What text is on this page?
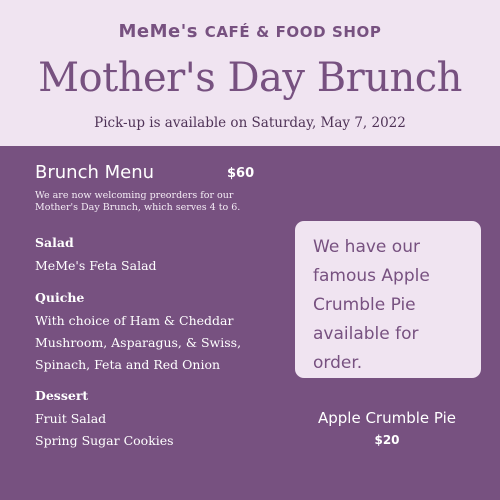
MeMe's CAFÉ & FOOD SHOP
Mother's Day Brunch
Pick-up is available on Saturday, May 7, 2022
Brunch Menu	$60
We are now welcoming preorders for our Mother's Day Brunch, which serves 4 to 6.
Salad
MeMe's Feta Salad
Quiche
With choice of Ham & Cheddar
Mushroom, Asparagus, & Swiss,
Spinach, Feta and Red Onion
Dessert
Fruit Salad
Spring Sugar Cookies
We have our famous Apple Crumble Pie available for order.
Apple Crumble Pie
$20
